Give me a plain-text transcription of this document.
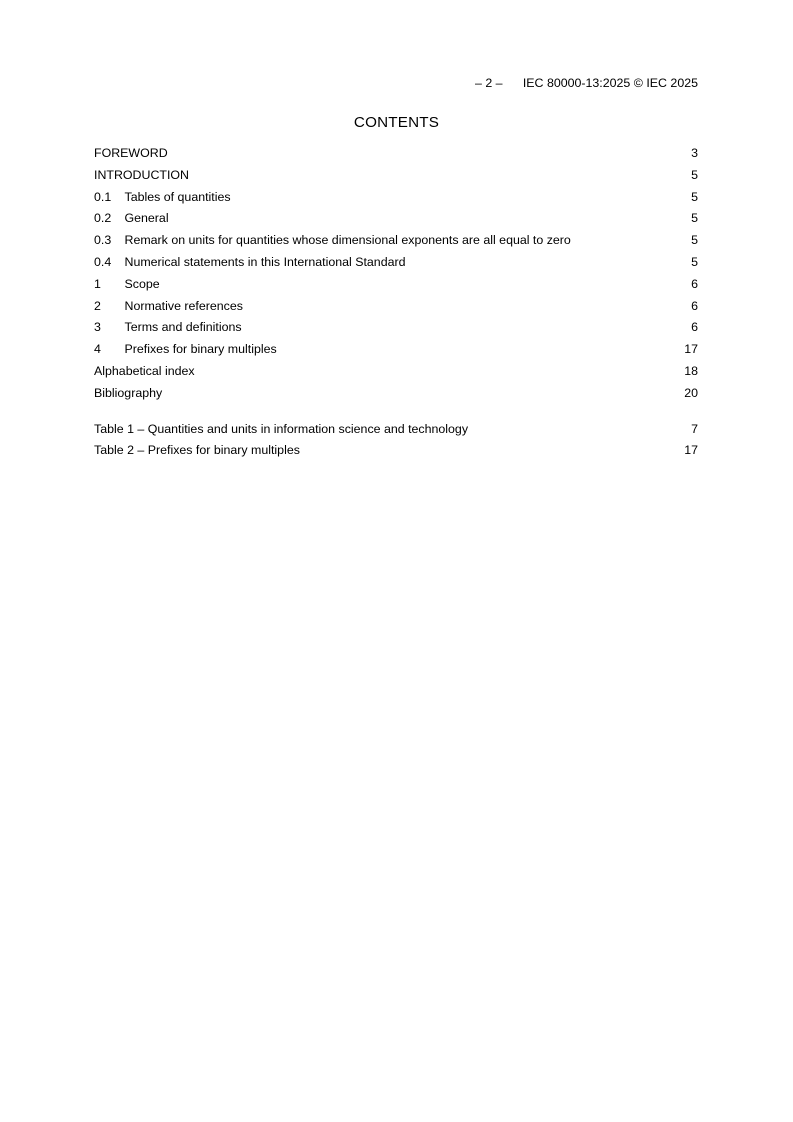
– 2 – IEC 80000-13:2025 © IEC 2025
CONTENTS
FOREWORD	3
INTRODUCTION	5
0.1	Tables of quantities	5
0.2	General	5
0.3	Remark on units for quantities whose dimensional exponents are all equal to zero	5
0.4	Numerical statements in this International Standard	5
1	Scope	6
2	Normative references	6
3	Terms and definitions	6
4	Prefixes for binary multiples	17
Alphabetical index	18
Bibliography	20
Table 1 – Quantities and units in information science and technology	7
Table 2 – Prefixes for binary multiples	17
